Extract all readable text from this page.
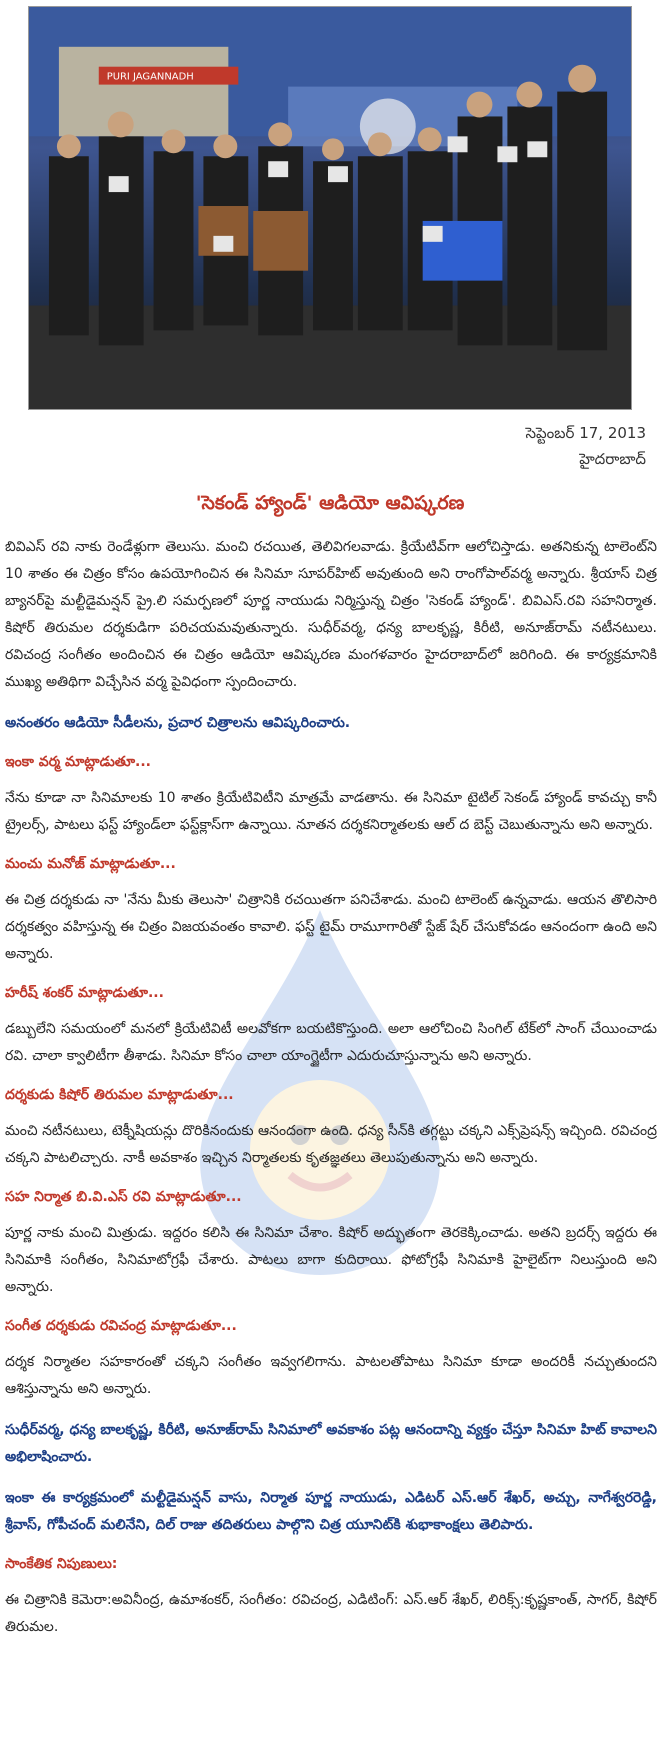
PURI JAGANNADH
సెప్టెంబర్ 17, 2013
హైదరాబాద్
'సెకండ్ హ్యాండ్' ఆడియో ఆవిష్కరణ

బివిఎస్ రవి నాకు రెండేళ్లుగా తెలుసు. మంచి రచయిత, తెలివిగలవాడు. క్రియేటివ్‌గా ఆలోచిస్తాడు. అతనికున్న టాలెంట్‌ని 10 శాతం ఈ చిత్రం కోసం ఉపయోగించిన ఈ సినిమా సూపర్‌హిట్ అవుతుంది అని రాంగోపాల్‌వర్మ అన్నారు. శ్రీయాస్ చిత్ర బ్యానర్‌పై మల్టీడైమన్షన్ ప్రై.లి సమర్పణలో పూర్ణ నాయుడు నిర్మిస్తున్న చిత్రం 'సెకండ్ హ్యాండ్'. బివిఎస్.రవి సహనిర్మాత. కిషోర్ తిరుమల దర్శకుడిగా పరిచయమవుతున్నారు. సుధీర్‌వర్మ, ధన్య బాలకృష్ణ, కిరీటి, అనూజ్‌రామ్ నటీనటులు. రవిచంద్ర సంగీతం అందించిన ఈ చిత్రం ఆడియో ఆవిష్కరణ మంగళవారం హైదరాబాద్‌లో జరిగింది. ఈ కార్యక్రమానికి ముఖ్య అతిథిగా విచ్చేసిన వర్మ పైవిధంగా స్పందించారు.

అనంతరం ఆడియో సీడీలను, ప్రచార చిత్రాలను ఆవిష్కరించారు.

ఇంకా వర్మ మాట్లాడుతూ...

నేను కూడా నా సినిమాలకు 10 శాతం క్రియేటివిటీని మాత్రమే వాడతాను. ఈ సినిమా టైటిల్ సెకండ్ హ్యాండ్ కావచ్చు కానీ ట్రైలర్స్, పాటలు ఫస్ట్ హ్యాండ్‌లా ఫస్ట్‌క్లాస్‌గా ఉన్నాయి. నూతన దర్శకనిర్మాతలకు ఆల్ ద బెస్ట్ చెబుతున్నాను అని అన్నారు.

మంచు మనోజ్ మాట్లాడుతూ...

ఈ చిత్ర దర్శకుడు నా 'నేను మీకు తెలుసా' చిత్రానికి రచయితగా పనిచేశాడు. మంచి టాలెంట్ ఉన్నవాడు. ఆయన తొలిసారి దర్శకత్వం వహిస్తున్న ఈ చిత్రం విజయవంతం కావాలి. ఫస్ట్ టైమ్ రామూగారితో స్టేజ్ షేర్ చేసుకోవడం ఆనందంగా ఉంది అని అన్నారు.

హరీష్ శంకర్ మాట్లాడుతూ...

డబ్బులేని సమయంలో మనలో క్రియేటివిటీ అలవోకగా బయటికొస్తుంది. అలా ఆలోచించి సింగిల్ టేక్‌లో సాంగ్ చేయించాడు రవి. చాలా క్వాలిటీగా తీశాడు. సినిమా కోసం చాలా యాంగ్జైటీగా ఎదురుచూస్తున్నాను అని అన్నారు.

దర్శకుడు కిషోర్ తిరుమల మాట్లాడుతూ...

మంచి నటీనటులు, టెక్నీషియన్లు దొరికినందుకు ఆనందంగా ఉంది. ధన్య సీన్‌కి తగ్గట్టు చక్కని ఎక్స్‌ప్రెషన్స్ ఇచ్చింది. రవిచంద్ర చక్కని పాటలిచ్చారు. నాకీ అవకాశం ఇచ్చిన నిర్మాతలకు కృతజ్ఞతలు తెలుపుతున్నాను అని అన్నారు.

సహ నిర్మాత బి.వి.ఎస్ రవి మాట్లాడుతూ...

పూర్ణ నాకు మంచి మిత్రుడు. ఇద్దరం కలిసి ఈ సినిమా చేశాం. కిషోర్ అద్భుతంగా తెరకెక్కించాడు. అతని బ్రదర్స్ ఇద్దరు ఈ సినిమాకి సంగీతం, సినిమాటోగ్రఫీ చేశారు. పాటలు బాగా కుదిరాయి. ఫోటోగ్రఫీ సినిమాకి హైలైట్‌గా నిలుస్తుంది అని అన్నారు.

సంగీత దర్శకుడు రవిచంద్ర మాట్లాడుతూ...

దర్శక నిర్మాతల సహకారంతో చక్కని సంగీతం ఇవ్వగలిగాను. పాటలతోపాటు సినిమా కూడా అందరికీ నచ్చుతుందని ఆశిస్తున్నాను అని అన్నారు.

సుధీర్‌వర్మ, ధన్య బాలకృష్ణ, కిరీటి, అనూజ్‌రామ్ సినిమాలో అవకాశం పట్ల ఆనందాన్ని వ్యక్తం చేస్తూ సినిమా హిట్ కావాలని అభిలాషించారు.

ఇంకా ఈ కార్యక్రమంలో మల్టీడైమన్షన్ వాసు, నిర్మాత పూర్ణ నాయుడు, ఎడిటర్ ఎస్.ఆర్ శేఖర్, అచ్చు, నాగేశ్వరరెడ్డి, శ్రీవాస్, గోపీచంద్ మలినేని, దిల్ రాజు తదితరులు పాల్గొని చిత్ర యూనిట్‌కి శుభాకాంక్షలు తెలిపారు.

సాంకేతిక నిపుణులు:

ఈ చిత్రానికి కెమెరా:అవినీంద్ర, ఉమాశంకర్, సంగీతం: రవిచంద్ర, ఎడిటింగ్: ఎస్.ఆర్ శేఖర్, లిరిక్స్:కృష్ణకాంత్, సాగర్, కిషోర్ తిరుమల.
